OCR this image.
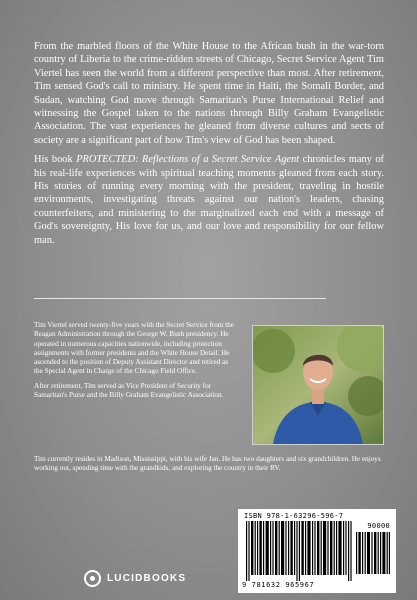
From the marbled floors of the White House to the African bush in the war-torn country of Liberia to the crime-ridden streets of Chicago, Secret Service Agent Tim Viertel has seen the world from a different perspective than most. After retirement, Tim sensed God's call to ministry. He spent time in Haiti, the Somali Border, and Sudan, watching God move through Samaritan's Purse International Relief and witnessing the Gospel taken to the nations through Billy Graham Evangelistic Association. The vast experiences he gleaned from diverse cultures and sects of society are a significant part of how Tim's view of God has been shaped.

His book PROTECTED: Reflections of a Secret Service Agent chronicles many of his real-life experiences with spiritual teaching moments gleaned from each story. His stories of running every morning with the president, traveling in hostile environments, investigating threats against our nation's leaders, chasing counterfeiters, and ministering to the marginalized each end with a message of God's sovereignty, His love for us, and our love and responsibility for our fellow man.

Tim Viertel served twenty-five years with the Secret Service from the Reagan Administration through the George W. Bush presidency. He operated in numerous capacities nationwide, including protection assignments with former presidents and the White House Detail. He ascended to the position of Deputy Assistant Director and retired as the Special Agent in Charge of the Chicago Field Office.

After retirement, Tim served as Vice President of Security for Samaritan's Purse and the Billy Graham Evangelistic Association.

Tim currently resides in Madison, Mississippi, with his wife Jan. He has two daughters and six grandchildren. He enjoys working out, spending time with the grandkids, and exploring the country in their RV.

ISBN 978-1-63296-596-7
90000
9 781632 965967
LUCIDBOOKS
